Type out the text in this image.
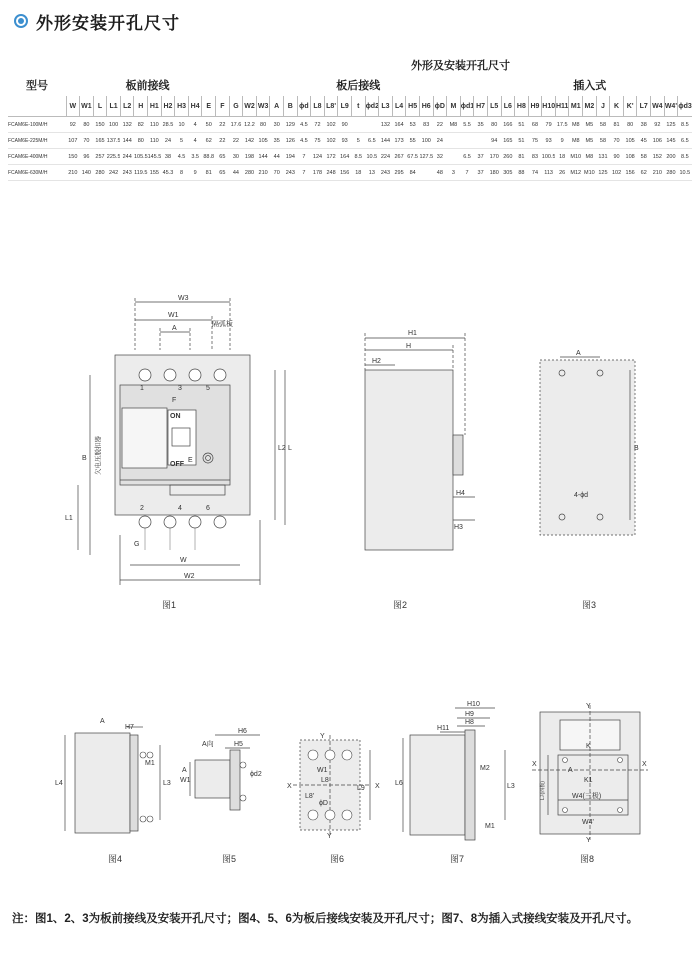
外形安装开孔尺寸
													外形及安装开孔尺寸																																	
型号	板前接线												板后接线																			插入式														
	W	W1	L	L1	L2	H	H1	H2	H3	H4	E	F	G	W2	W3	A	B	ϕd	L8	L8'	L9	t	ϕd2	L3	L4	H5	H6	ϕD	M	ϕd1	H7	L5	L6	H8	H9	H10	H11	M1	M2	J	K	K'	L7	W4	W4'	ϕd3
FCAM6E-100M/H	92	80	150	100	132	82	110	28.5	10	4	50	22	17.6	12.2	80	30	129	4.5	72	102	90			132	164	53	83	22	M8	5.5	35	80	166	51	68	79	17.5	M8	M5	58	81	80	38	92	125	8.5
FCAM6E-225M/H	107	70	165	137.5	144	80	110	24	5	4	62	22	22	142	105	35	126	4.5	75	102	93	5	6.5	144	173	55	100	24				94	165	51	75	93	9	M8	M5	58	70	105	45	106	145	6.5
FCAM6E-400M/H	150	96	257	225.5	244	105.5	145.5	38	4.5	3.5	88.8	65	30	198	144	44	194	7	124	172	164	8.5	10.5	224	267	67.5	127.5	32		6.5	37	170	260	81	83	100.5	18	M10	M8	131	90	108	58	152	200	8.5
FCAM6E-630M/H	210	140	280	242	243	119.5	155	45.3	8	9	81	65	44	280	210	70	243	7	178	248	156	18	13	243	295	84		48	3	7	37	180	305	88	74	113	26	M12	M10	125	102	156	62	210	280	10.5
W3
W1
A
隔弧板
1	3	5
F
ON
OFF
E
2	4	6
B
L1
L2 L
G
W
W2
欠电压脱扣器
图1
H1
H
H2
H4
H3
图2
A
B
4-ϕd
图3
A
H7
M1
L4	L3
图4
A向
H6
H5
W1
A
ϕd2
图5
Y
X
W1
L8
L9
L8'
ϕD
X
Y
图6
H10
H9
H8
H11
M2
L6	L3
M1
图7
Y
X
K
A
K1
W4(三极)
W4'
X
L7(四极)
Y
图8
注：图1、2、3为板前接线及安装开孔尺寸；图4、5、6为板后接线安装及开孔尺寸；图7、8为插入式接线安装及开孔尺寸。
